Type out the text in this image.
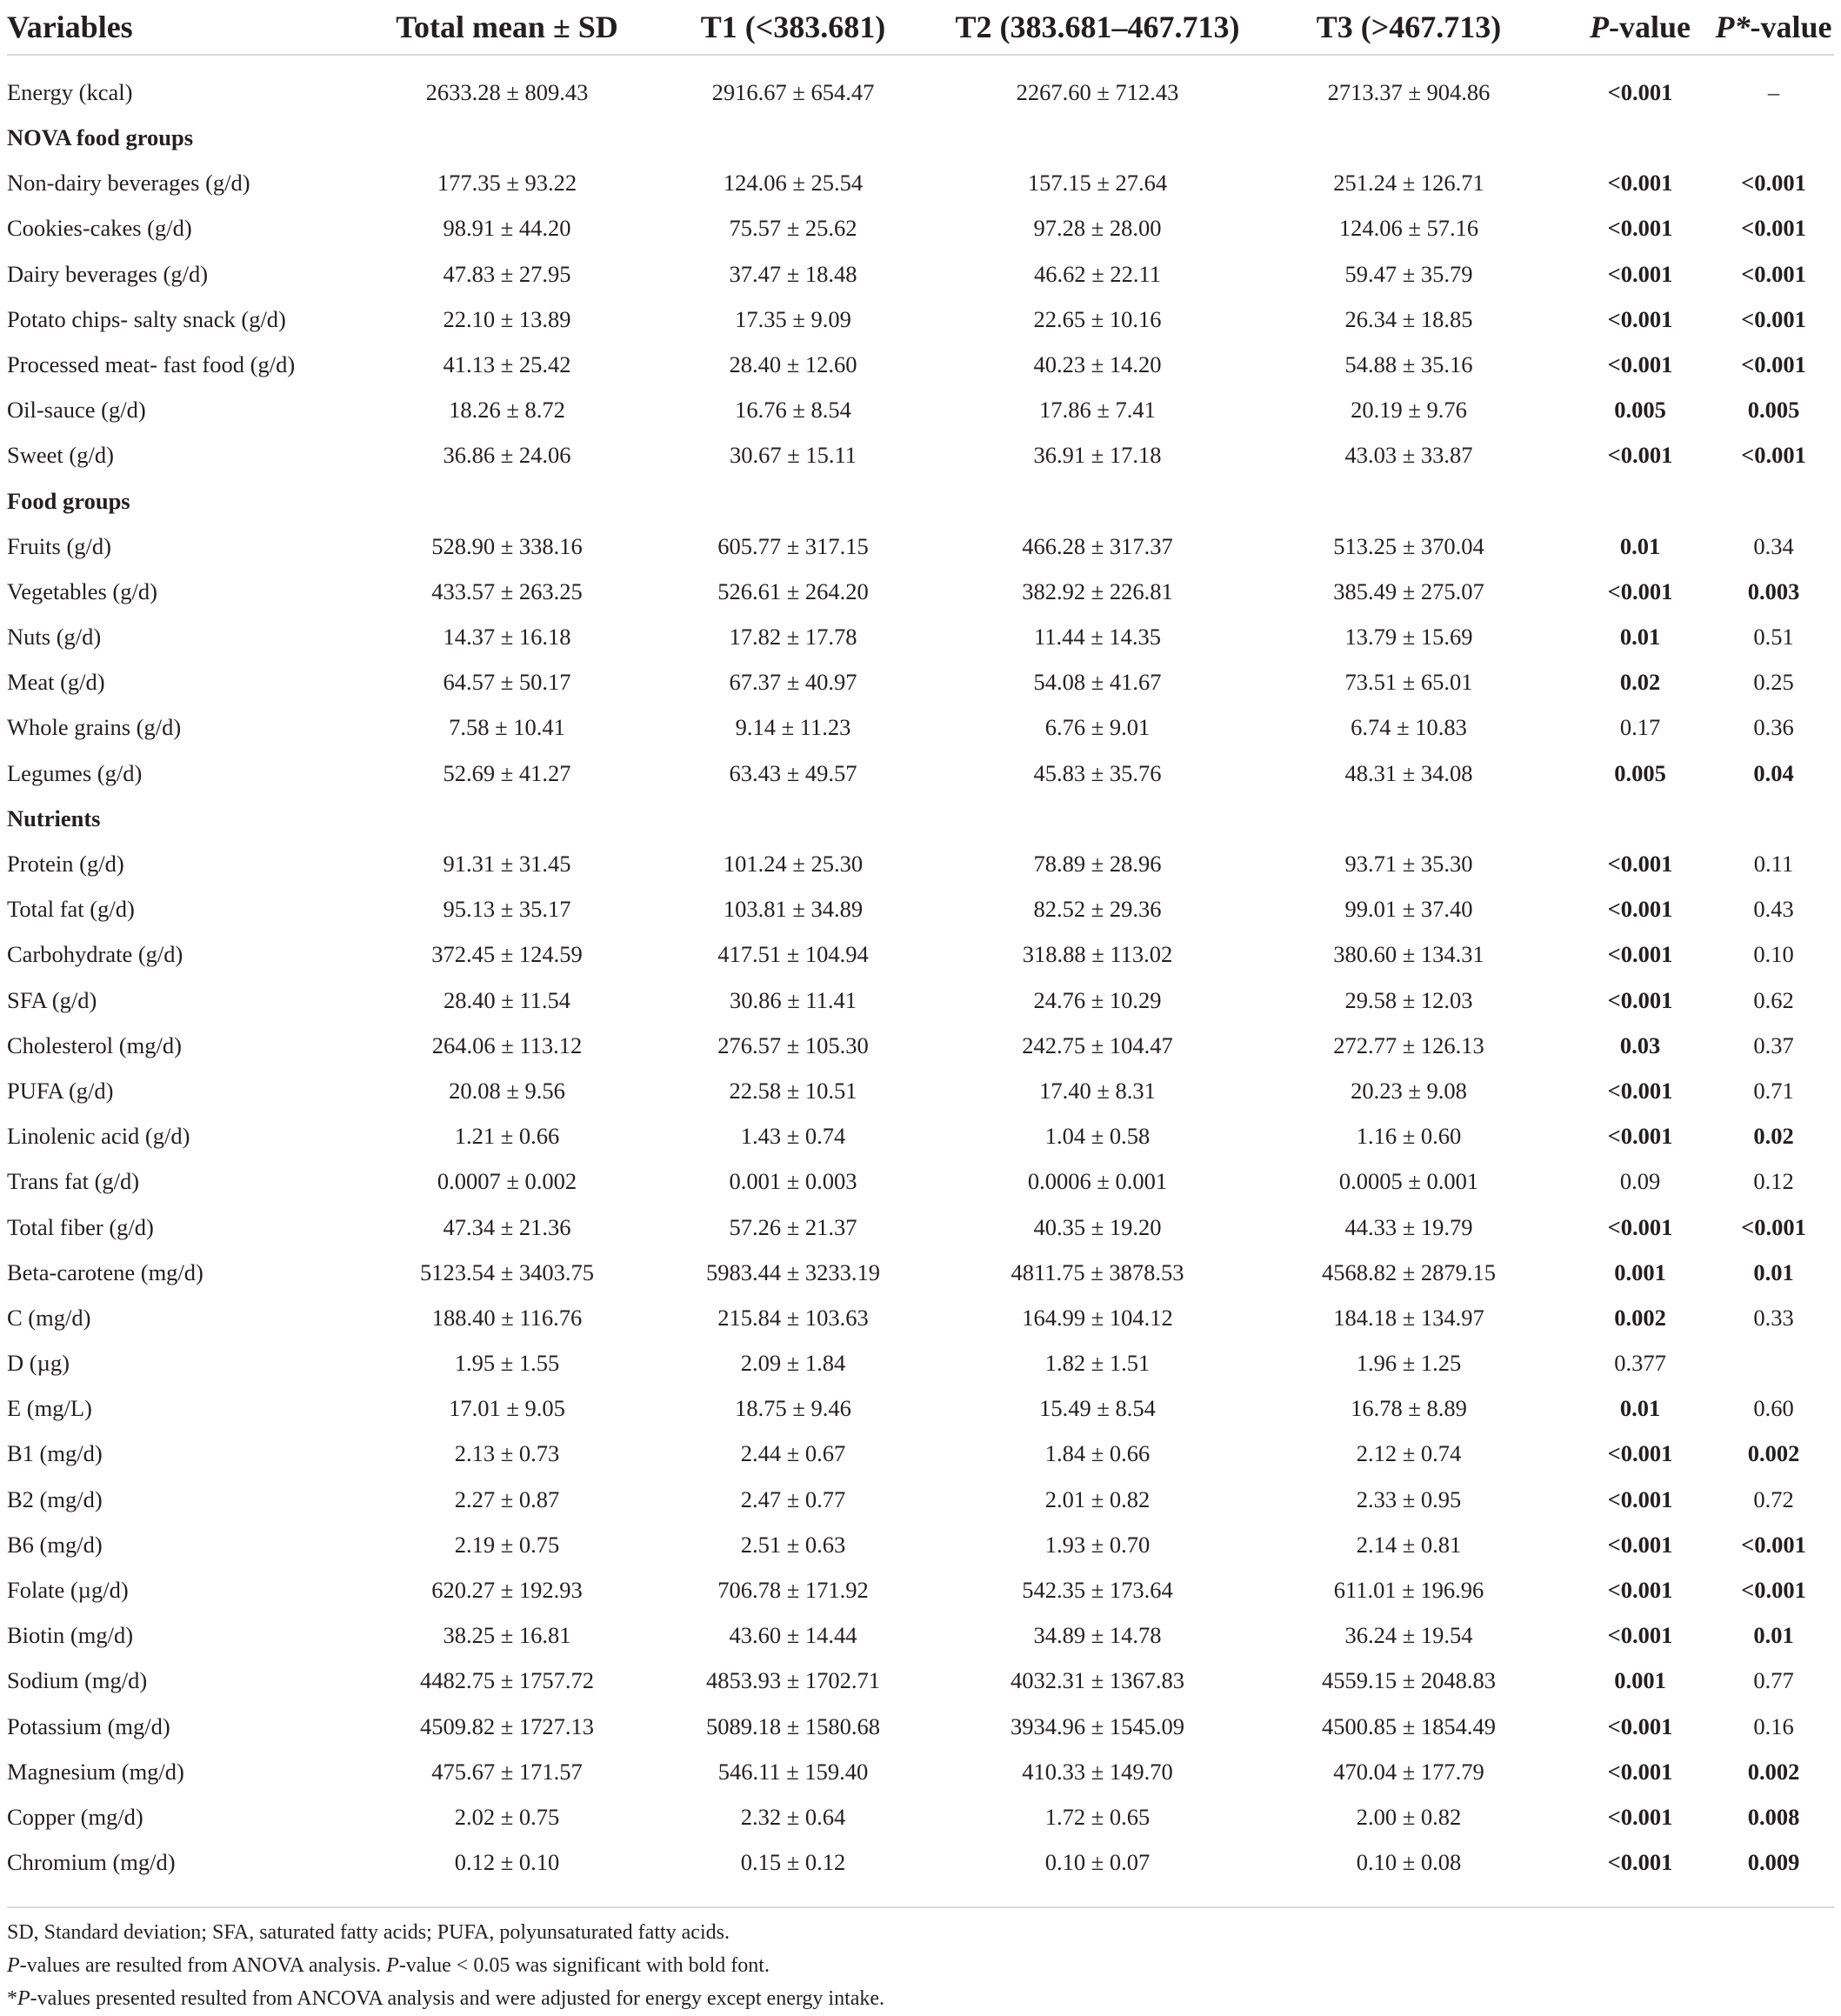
Variables	Total mean ± SD	T1 (<383.681)	T2 (383.681–467.713)	T3 (>467.713)	P-value	P*-value

Energy (kcal)	2633.28 ± 809.43	2916.67 ± 654.47	2267.60 ± 712.43	2713.37 ± 904.86	<0.001	–
NOVA food groups						
Non-dairy beverages (g/d)	177.35 ± 93.22	124.06 ± 25.54	157.15 ± 27.64	251.24 ± 126.71	<0.001	<0.001
Cookies-cakes (g/d)	98.91 ± 44.20	75.57 ± 25.62	97.28 ± 28.00	124.06 ± 57.16	<0.001	<0.001
Dairy beverages (g/d)	47.83 ± 27.95	37.47 ± 18.48	46.62 ± 22.11	59.47 ± 35.79	<0.001	<0.001
Potato chips- salty snack (g/d)	22.10 ± 13.89	17.35 ± 9.09	22.65 ± 10.16	26.34 ± 18.85	<0.001	<0.001
Processed meat- fast food (g/d)	41.13 ± 25.42	28.40 ± 12.60	40.23 ± 14.20	54.88 ± 35.16	<0.001	<0.001
Oil-sauce (g/d)	18.26 ± 8.72	16.76 ± 8.54	17.86 ± 7.41	20.19 ± 9.76	0.005	0.005
Sweet (g/d)	36.86 ± 24.06	30.67 ± 15.11	36.91 ± 17.18	43.03 ± 33.87	<0.001	<0.001
Food groups						
Fruits (g/d)	528.90 ± 338.16	605.77 ± 317.15	466.28 ± 317.37	513.25 ± 370.04	0.01	0.34
Vegetables (g/d)	433.57 ± 263.25	526.61 ± 264.20	382.92 ± 226.81	385.49 ± 275.07	<0.001	0.003
Nuts (g/d)	14.37 ± 16.18	17.82 ± 17.78	11.44 ± 14.35	13.79 ± 15.69	0.01	0.51
Meat (g/d)	64.57 ± 50.17	67.37 ± 40.97	54.08 ± 41.67	73.51 ± 65.01	0.02	0.25
Whole grains (g/d)	7.58 ± 10.41	9.14 ± 11.23	6.76 ± 9.01	6.74 ± 10.83	0.17	0.36
Legumes (g/d)	52.69 ± 41.27	63.43 ± 49.57	45.83 ± 35.76	48.31 ± 34.08	0.005	0.04
Nutrients						
Protein (g/d)	91.31 ± 31.45	101.24 ± 25.30	78.89 ± 28.96	93.71 ± 35.30	<0.001	0.11
Total fat (g/d)	95.13 ± 35.17	103.81 ± 34.89	82.52 ± 29.36	99.01 ± 37.40	<0.001	0.43
Carbohydrate (g/d)	372.45 ± 124.59	417.51 ± 104.94	318.88 ± 113.02	380.60 ± 134.31	<0.001	0.10
SFA (g/d)	28.40 ± 11.54	30.86 ± 11.41	24.76 ± 10.29	29.58 ± 12.03	<0.001	0.62
Cholesterol (mg/d)	264.06 ± 113.12	276.57 ± 105.30	242.75 ± 104.47	272.77 ± 126.13	0.03	0.37
PUFA (g/d)	20.08 ± 9.56	22.58 ± 10.51	17.40 ± 8.31	20.23 ± 9.08	<0.001	0.71
Linolenic acid (g/d)	1.21 ± 0.66	1.43 ± 0.74	1.04 ± 0.58	1.16 ± 0.60	<0.001	0.02
Trans fat (g/d)	0.0007 ± 0.002	0.001 ± 0.003	0.0006 ± 0.001	0.0005 ± 0.001	0.09	0.12
Total fiber (g/d)	47.34 ± 21.36	57.26 ± 21.37	40.35 ± 19.20	44.33 ± 19.79	<0.001	<0.001
Beta-carotene (mg/d)	5123.54 ± 3403.75	5983.44 ± 3233.19	4811.75 ± 3878.53	4568.82 ± 2879.15	0.001	0.01
C (mg/d)	188.40 ± 116.76	215.84 ± 103.63	164.99 ± 104.12	184.18 ± 134.97	0.002	0.33
D (µg)	1.95 ± 1.55	2.09 ± 1.84	1.82 ± 1.51	1.96 ± 1.25	0.377	
E (mg/L)	17.01 ± 9.05	18.75 ± 9.46	15.49 ± 8.54	16.78 ± 8.89	0.01	0.60
B1 (mg/d)	2.13 ± 0.73	2.44 ± 0.67	1.84 ± 0.66	2.12 ± 0.74	<0.001	0.002
B2 (mg/d)	2.27 ± 0.87	2.47 ± 0.77	2.01 ± 0.82	2.33 ± 0.95	<0.001	0.72
B6 (mg/d)	2.19 ± 0.75	2.51 ± 0.63	1.93 ± 0.70	2.14 ± 0.81	<0.001	<0.001
Folate (µg/d)	620.27 ± 192.93	706.78 ± 171.92	542.35 ± 173.64	611.01 ± 196.96	<0.001	<0.001
Biotin (mg/d)	38.25 ± 16.81	43.60 ± 14.44	34.89 ± 14.78	36.24 ± 19.54	<0.001	0.01
Sodium (mg/d)	4482.75 ± 1757.72	4853.93 ± 1702.71	4032.31 ± 1367.83	4559.15 ± 2048.83	0.001	0.77
Potassium (mg/d)	4509.82 ± 1727.13	5089.18 ± 1580.68	3934.96 ± 1545.09	4500.85 ± 1854.49	<0.001	0.16
Magnesium (mg/d)	475.67 ± 171.57	546.11 ± 159.40	410.33 ± 149.70	470.04 ± 177.79	<0.001	0.002
Copper (mg/d)	2.02 ± 0.75	2.32 ± 0.64	1.72 ± 0.65	2.00 ± 0.82	<0.001	0.008
Chromium (mg/d)	0.12 ± 0.10	0.15 ± 0.12	0.10 ± 0.07	0.10 ± 0.08	<0.001	0.009
SD, Standard deviation; SFA, saturated fatty acids; PUFA, polyunsaturated fatty acids.
P-values are resulted from ANOVA analysis. P-value < 0.05 was significant with bold font.
*P-values presented resulted from ANCOVA analysis and were adjusted for energy except energy intake.
